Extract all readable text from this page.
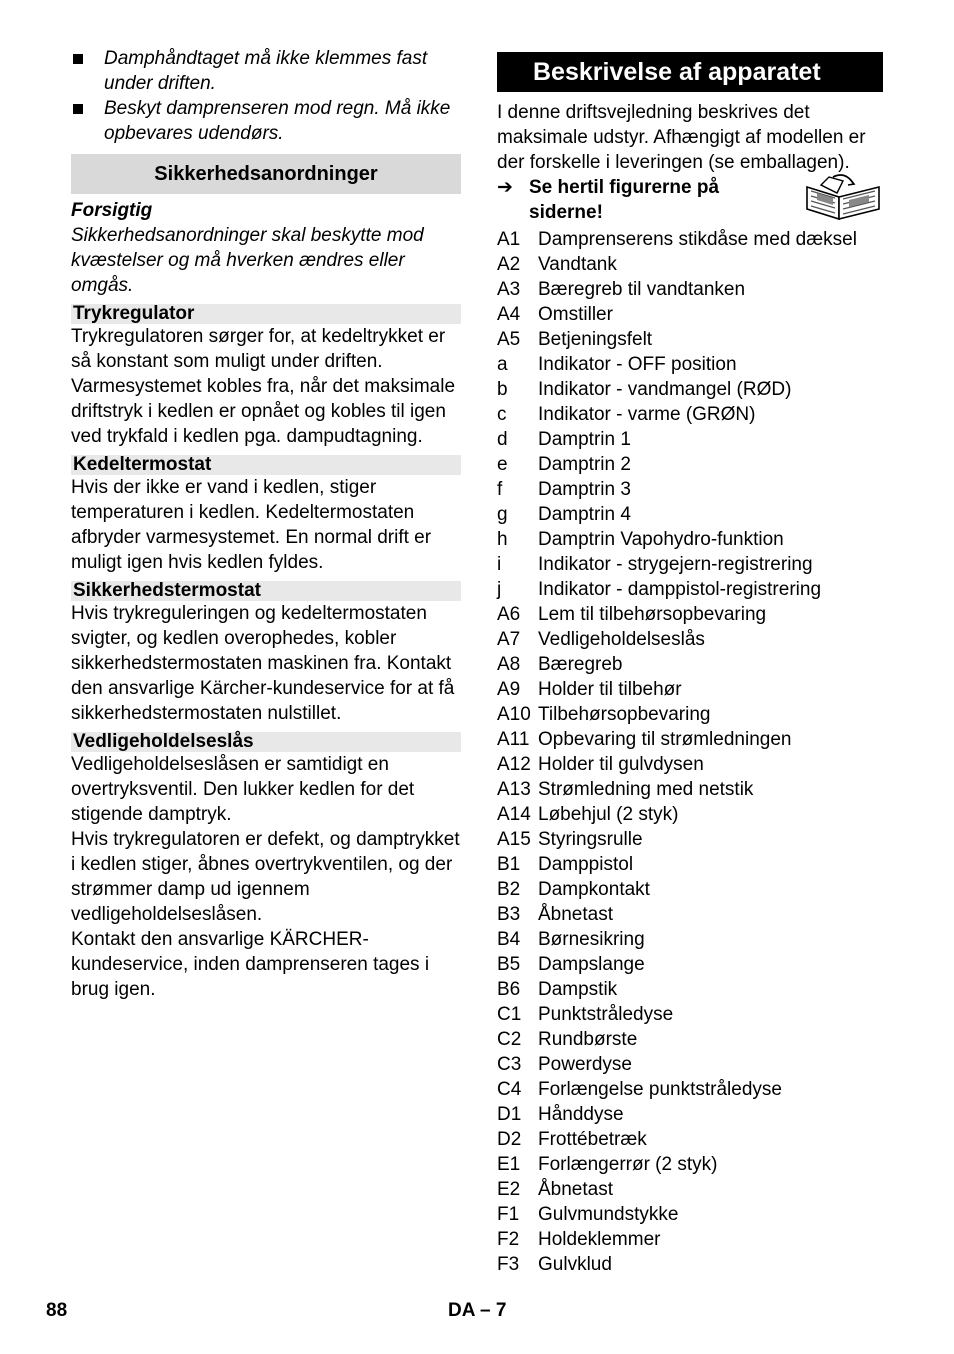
Damphåndtaget må ikke klemmes fast under driften.
Beskyt damprenseren mod regn. Må ikke opbevares udendørs.
Sikkerhedsanordninger
Forsigtig

Sikkerhedsanordninger skal beskytte mod kvæstelser og må hverken ændres eller omgås.

Trykregulator

Trykregulatoren sørger for, at kedeltrykket er så konstant som muligt under driften. Varmesystemet kobles fra, når det maksimale driftstryk i kedlen er opnået og kobles til igen ved trykfald i kedlen pga. dampudtagning.

Kedeltermostat

Hvis der ikke er vand i kedlen, stiger temperaturen i kedlen. Kedeltermostaten afbryder varmesystemet. En normal drift er muligt igen hvis kedlen fyldes.

Sikkerhedstermostat

Hvis trykreguleringen og kedeltermostaten svigter, og kedlen overophedes, kobler sikkerhedstermostaten maskinen fra. Kontakt den ansvarlige Kärcher-kundeservice for at få sikkerhedstermostaten nulstillet.

Vedligeholdelseslås

Vedligeholdelseslåsen er samtidigt en overtryksventil. Den lukker kedlen for det stigende damptryk.

Hvis trykregulatoren er defekt, og damptrykket i kedlen stiger, åbnes overtrykventilen, og der strømmer damp ud igennem vedligeholdelseslåsen.

Kontakt den ansvarlige KÄRCHER-kundeservice, inden damprenseren tages i brug igen.

Beskrivelse af apparatet

I denne driftsvejledning beskrives det maksimale udstyr. Afhængigt af modellen er der forskelle i leveringen (se emballagen).

➔ Se hertil figurerne på siderne!
A1 Damprenserens stikdåse med dæksel
A2 Vandtank
A3 Bæregreb til vandtanken
A4 Omstiller
A5 Betjeningsfelt
a Indikator - OFF position
b Indikator - vandmangel (RØD)
c Indikator - varme (GRØN)
d Damptrin 1
e Damptrin 2
f Damptrin 3
g Damptrin 4
h Damptrin Vapohydro-funktion
i Indikator - strygejern-registrering
j Indikator - damppistol-registrering
A6 Lem til tilbehørsopbevaring
A7 Vedligeholdelseslås
A8 Bæregreb
A9 Holder til tilbehør
A10 Tilbehørsopbevaring
A11 Opbevaring til strømledningen
A12 Holder til gulvdysen
A13 Strømledning med netstik
A14 Løbehjul (2 styk)
A15 Styringsrulle
B1 Damppistol
B2 Dampkontakt
B3 Åbnetast
B4 Børnesikring
B5 Dampslange
B6 Dampstik
C1 Punktstråledyse
C2 Rundbørste
C3 Powerdyse
C4 Forlængelse punktstråledyse
D1 Hånddyse
D2 Frottébetræk
E1 Forlængerrør (2 styk)
E2 Åbnetast
F1 Gulvmundstykke
F2 Holdeklemmer
F3 Gulvklud
88	DA – 7
